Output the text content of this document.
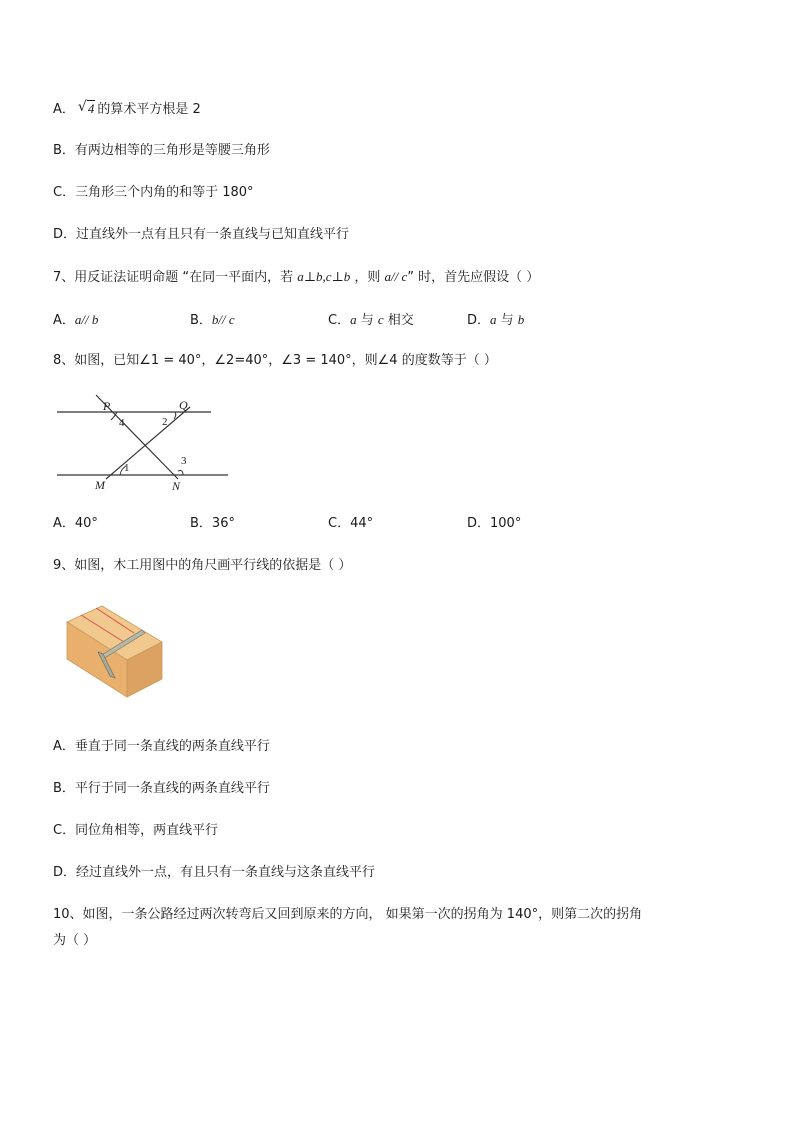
A． √ 4 的算术平方根是 2
B．有两边相等的三角形是等腰三角形
C．三角形三个内角的和等于 180°
D．过直线外一点有且只有一条直线与已知直线平行
7、用反证法证明命题 “在同一平面内，若 a⊥b,c⊥b ，则 a// c” 时，首先应假设（ ）
A．a// b	B．b// c	C．a 与 c 相交	D．a 与 b
8、如图，已知∠1 = 40°，∠2=40°，∠3 = 140°，则∠4 的度数等于（ ）
P	Q
M	N
4	2
1
3
A．40°	B．36°	C．44°	D．100°
9、如图，木工用图中的角尺画平行线的依据是（ ）
A．垂直于同一条直线的两条直线平行
B．平行于同一条直线的两条直线平行
C．同位角相等，两直线平行
D．经过直线外一点，有且只有一条直线与这条直线平行
10、如图，一条公路经过两次转弯后又回到原来的方向， 如果第一次的拐角为 140°，则第二次的拐角
为（ ）
